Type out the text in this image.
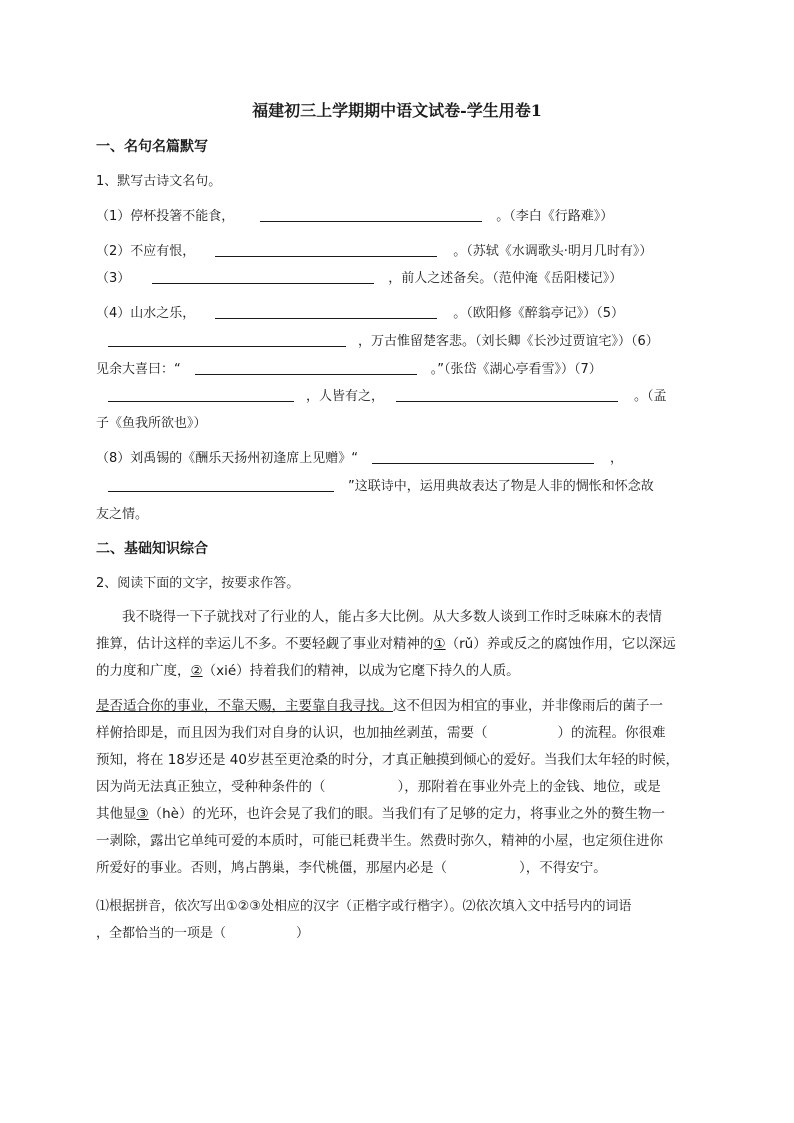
福建初三上学期期中语文试卷-学生用卷1
一、名句名篇默写
1、默写古诗文名句。
（1）停杯投箸不能食，	。（李白《行路难》）
（2）不应有恨，	。（苏轼《水调歌头·明月几时有》）
（3）	，前人之述备矣。（范仲淹《岳阳楼记》）
（4）山水之乐，	。（欧阳修《醉翁亭记》）（5）
，万古惟留楚客悲。（刘长卿《长沙过贾谊宅》）（6）
见余大喜曰：“	。”（张岱《湖心亭看雪》）（7）
，人皆有之，	。（孟
子《鱼我所欲也》）
（8）刘禹锡的《酬乐天扬州初逢席上见赠》“	，
”这联诗中，运用典故表达了物是人非的惆怅和怀念故
友之情。
二、基础知识综合
2、阅读下面的文字，按要求作答。
我不晓得一下子就找对了行业的人，能占多大比例。从大多数人谈到工作时乏味麻木的表情
推算，估计这样的幸运儿不多。不要轻觑了事业对精神的①（rǔ）养或反之的腐蚀作用，它以深远
的力度和广度，②（xié）持着我们的精神，以成为它麾下持久的人质。
是否适合你的事业，不靠天赐，主要靠自我寻找。这不但因为相宜的事业，并非像雨后的菌子一
样俯拾即是，而且因为我们对自身的认识，也加抽丝剥茧，需要（	）的流程。你很难
预知，将在 18岁还是 40岁甚至更沧桑的时分，才真正触摸到倾心的爱好。当我们太年轻的时候，
因为尚无法真正独立，受种种条件的（	），那附着在事业外壳上的金钱、地位，或是
其他显③（hè）的光环，也许会晃了我们的眼。当我们有了足够的定力，将事业之外的赘生物一
一剥除，露出它单纯可爱的本质时，可能已耗费半生。然费时弥久，精神的小屋，也定须住进你
所爱好的事业。否则，鸠占鹊巢，李代桃僵，那屋内必是（	），不得安宁。
⑴根据拼音，依次写出①②③处相应的汉字（正楷字或行楷字）。⑵依次填入文中括号内的词语
，全都恰当的一项是（	）
